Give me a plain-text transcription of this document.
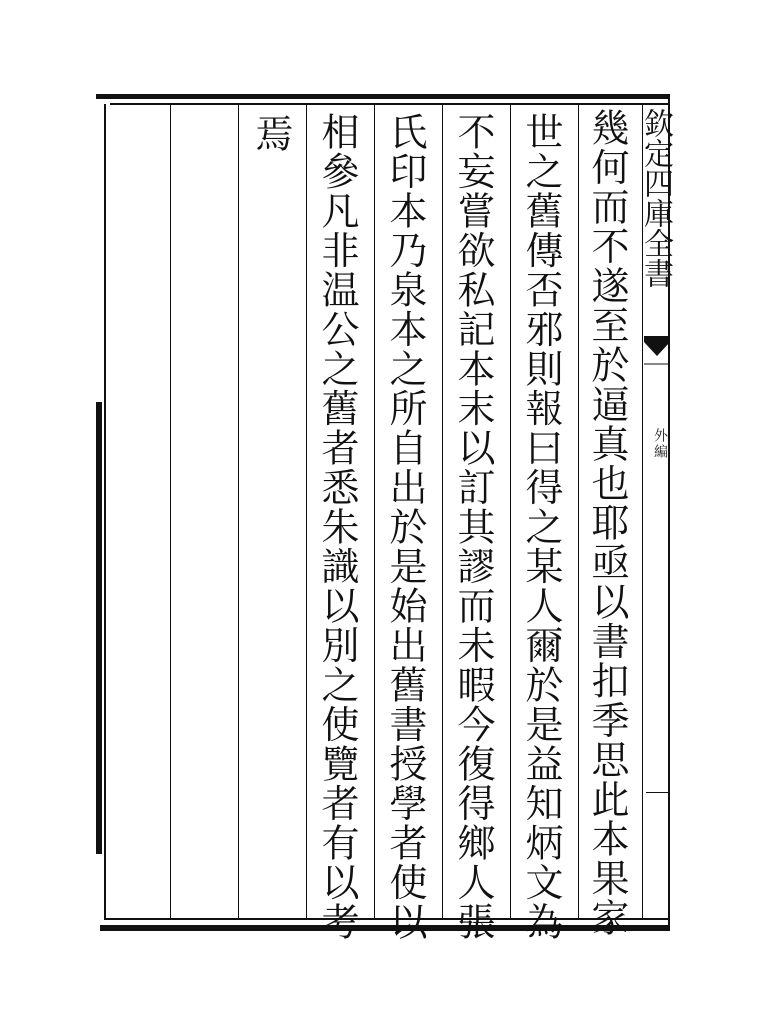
欽定四庫全書
外編
幾何而不遂至於逼真也耶亟以書扣季思此本果家
世之舊傳否邪則報曰得之某人爾於是益知炳文為
不妄嘗欲私記本末以訂其謬而未暇今復得鄉人張
氏印本乃泉本之所自出於是始出舊書授學者使以
相參凡非温公之舊者悉朱識以別之使覽者有以考
焉
